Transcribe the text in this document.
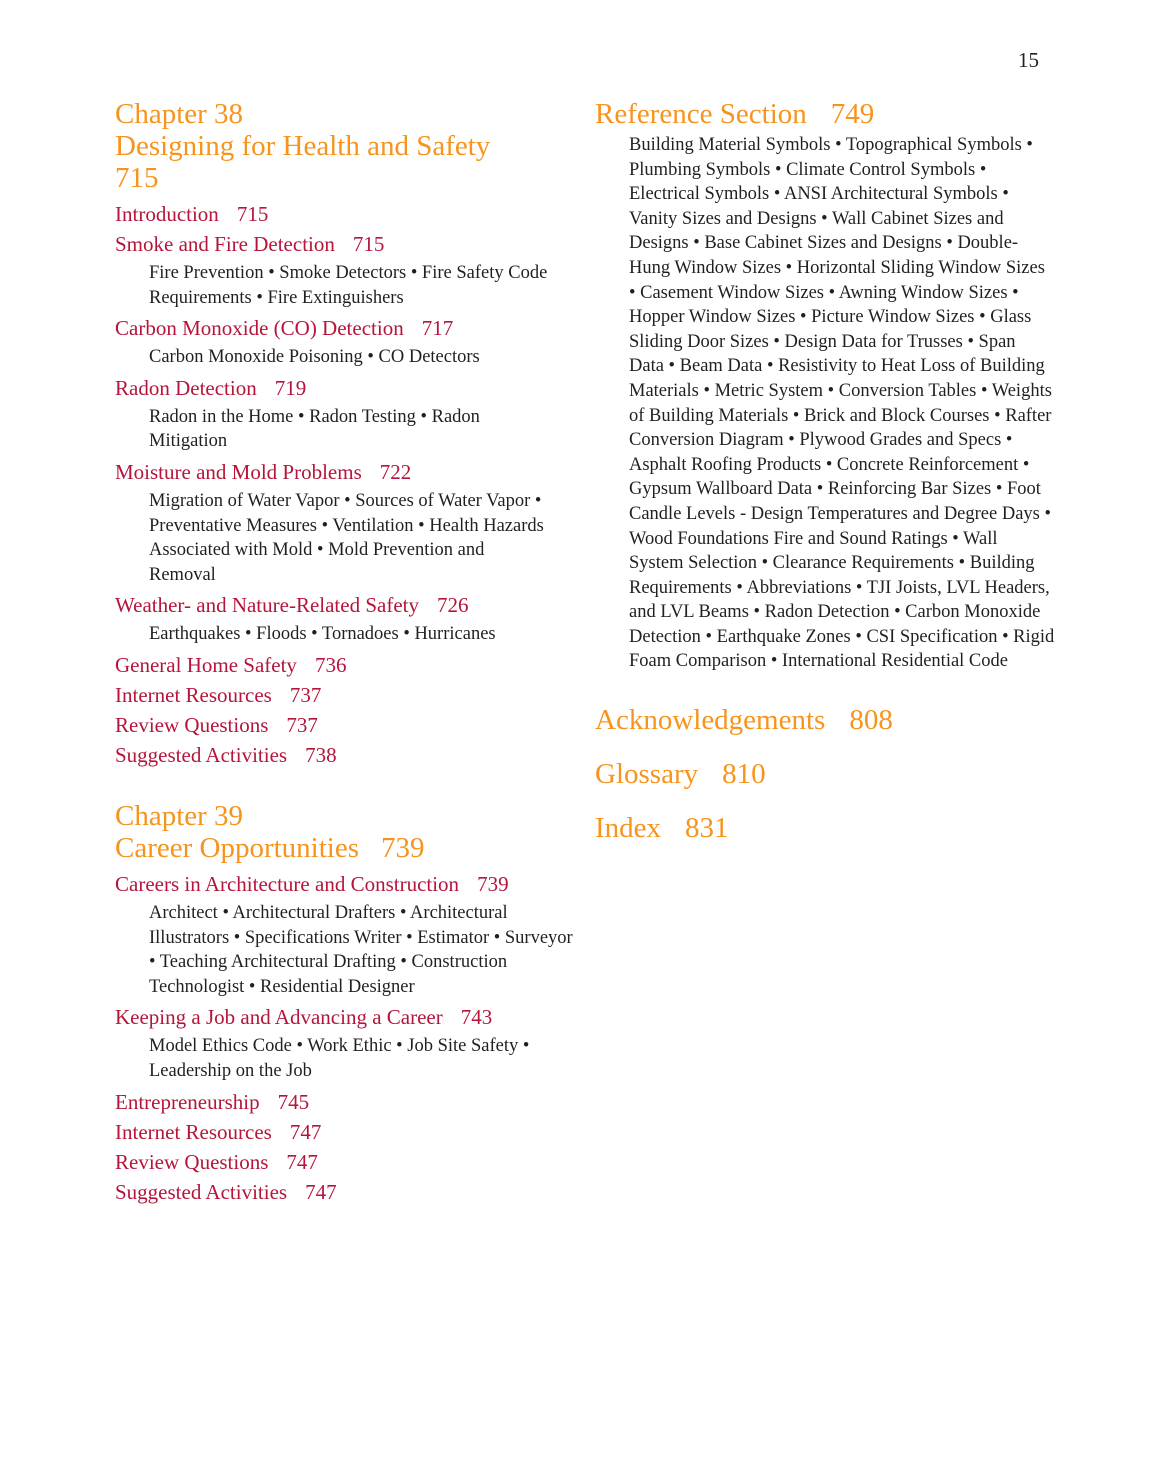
15
Chapter 38
Designing for Health and Safety
715
Introduction 715
Smoke and Fire Detection 715
Fire Prevention • Smoke Detectors • Fire Safety Code Requirements • Fire Extinguishers
Carbon Monoxide (CO) Detection 717
Carbon Monoxide Poisoning • CO Detectors
Radon Detection 719
Radon in the Home • Radon Testing • Radon Mitigation
Moisture and Mold Problems 722
Migration of Water Vapor • Sources of Water Vapor • Preventative Measures • Ventilation • Health Hazards Associated with Mold • Mold Prevention and Removal
Weather- and Nature-Related Safety 726
Earthquakes • Floods • Tornadoes • Hurricanes
General Home Safety 736
Internet Resources 737
Review Questions 737
Suggested Activities 738
Chapter 39
Career Opportunities 739
Careers in Architecture and Construction 739
Architect • Architectural Drafters • Architectural Illustrators • Specifications Writer • Estimator • Surveyor • Teaching Architectural Drafting • Construction Technologist • Residential Designer
Keeping a Job and Advancing a Career 743
Model Ethics Code • Work Ethic • Job Site Safety • Leadership on the Job
Entrepreneurship 745
Internet Resources 747
Review Questions 747
Suggested Activities 747
Reference Section 749
Building Material Symbols • Topographical Symbols • Plumbing Symbols • Climate Control Symbols • Electrical Symbols • ANSI Architectural Symbols • Vanity Sizes and Designs • Wall Cabinet Sizes and Designs • Base Cabinet Sizes and Designs • Double-Hung Window Sizes • Horizontal Sliding Window Sizes • Casement Window Sizes • Awning Window Sizes • Hopper Window Sizes • Picture Window Sizes • Glass Sliding Door Sizes • Design Data for Trusses • Span Data • Beam Data • Resistivity to Heat Loss of Building Materials • Metric System • Conversion Tables • Weights of Building Materials • Brick and Block Courses • Rafter Conversion Diagram • Plywood Grades and Specs • Asphalt Roofing Products • Concrete Reinforcement • Gypsum Wallboard Data • Reinforcing Bar Sizes • Foot Candle Levels - Design Temperatures and Degree Days • Wood Foundations Fire and Sound Ratings • Wall System Selection • Clearance Requirements • Building Requirements • Abbreviations • TJI Joists, LVL Headers, and LVL Beams • Radon Detection • Carbon Monoxide Detection • Earthquake Zones • CSI Specification • Rigid Foam Comparison • International Residential Code
Acknowledgements 808
Glossary 810
Index 831
